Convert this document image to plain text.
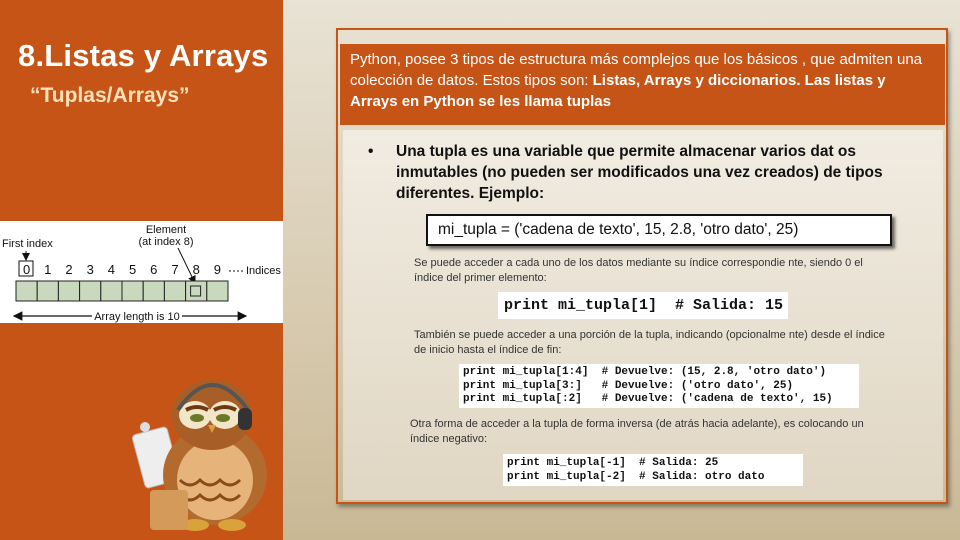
8.Listas y Arrays
“Tuplas/Arrays”
Element
(at index 8)
First index
0 1 2 3 4 5 6 7 8 9 Indices
Array length is 10
Python, posee 3 tipos de estructura más complejos que los básicos , que admiten una colección de datos. Estos tipos son: Listas, Arrays y diccionarios. Las listas y Arrays en Python se les llama tuplas
•	Una tupla es una variable que permite almacenar varios dat os inmutables (no pueden ser modificados una vez creados) de tipos diferentes. Ejemplo:
mi_tupla = ('cadena de texto', 15, 2.8, 'otro dato', 25)
Se puede acceder a cada uno de los datos mediante su índice correspondie nte, siendo 0 el índice del primer elemento:
print mi_tupla[1]  # Salida: 15
También se puede acceder a una porción de la tupla, indicando (opcionalme nte) desde el índice de inicio hasta el índice de fin:
print mi_tupla[1:4]  # Devuelve: (15, 2.8, 'otro dato')
print mi_tupla[3:]   # Devuelve: ('otro dato', 25)
print mi_tupla[:2]   # Devuelve: ('cadena de texto', 15)
Otra forma de acceder a la tupla de forma inversa (de atrás hacia adelante), es colocando un índice negativo:
print mi_tupla[-1]  # Salida: 25
print mi_tupla[-2]  # Salida: otro dato
